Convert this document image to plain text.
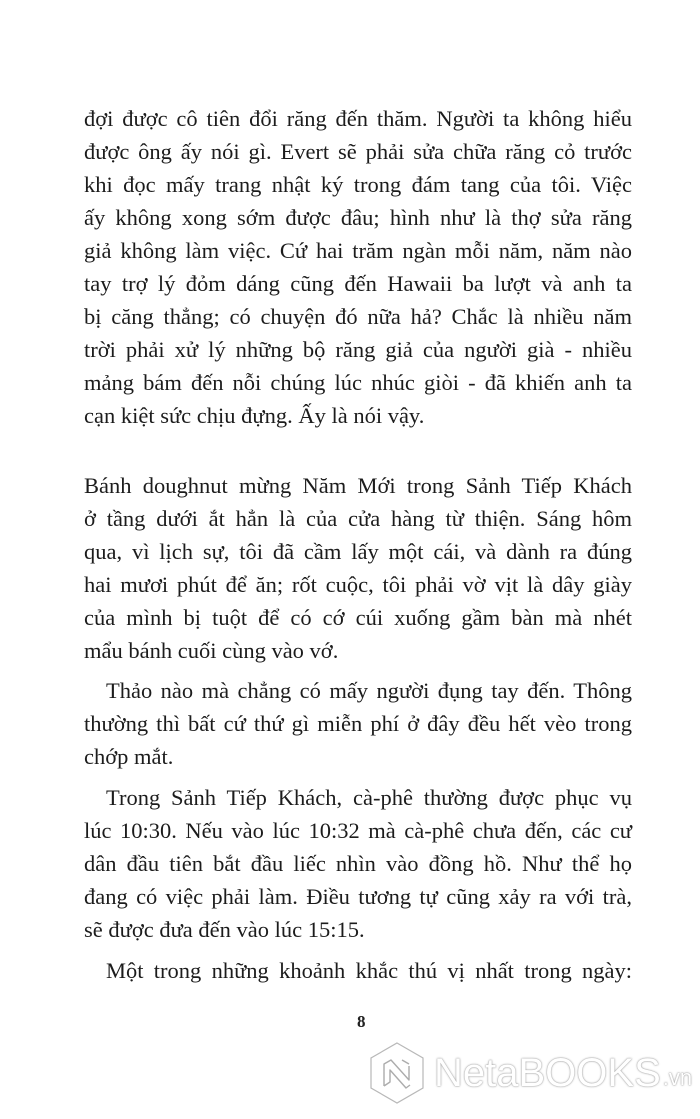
đợi được cô tiên đổi răng đến thăm. Người ta không hiểu
được ông ấy nói gì. Evert sẽ phải sửa chữa răng cỏ trước
khi đọc mấy trang nhật ký trong đám tang của tôi. Việc
ấy không xong sớm được đâu; hình như là thợ sửa răng
giả không làm việc. Cứ hai trăm ngàn mỗi năm, năm nào
tay trợ lý đỏm dáng cũng đến Hawaii ba lượt và anh ta
bị căng thẳng; có chuyện đó nữa hả? Chắc là nhiều năm
trời phải xử lý những bộ răng giả của người già - nhiều
mảng bám đến nỗi chúng lúc nhúc giòi - đã khiến anh ta
cạn kiệt sức chịu đựng. Ấy là nói vậy.
Bánh doughnut mừng Năm Mới trong Sảnh Tiếp Khách
ở tầng dưới ắt hẳn là của cửa hàng từ thiện. Sáng hôm
qua, vì lịch sự, tôi đã cầm lấy một cái, và dành ra đúng
hai mươi phút để ăn; rốt cuộc, tôi phải vờ vịt là dây giày
của mình bị tuột để có cớ cúi xuống gầm bàn mà nhét
mẩu bánh cuối cùng vào vớ.
Thảo nào mà chẳng có mấy người đụng tay đến. Thông
thường thì bất cứ thứ gì miễn phí ở đây đều hết vèo trong
chớp mắt.
Trong Sảnh Tiếp Khách, cà-phê thường được phục vụ
lúc 10:30. Nếu vào lúc 10:32 mà cà-phê chưa đến, các cư
dân đầu tiên bắt đầu liếc nhìn vào đồng hồ. Như thể họ
đang có việc phải làm. Điều tương tự cũng xảy ra với trà,
sẽ được đưa đến vào lúc 15:15.
Một trong những khoảnh khắc thú vị nhất trong ngày:
8
NetaBOOKS .vn
